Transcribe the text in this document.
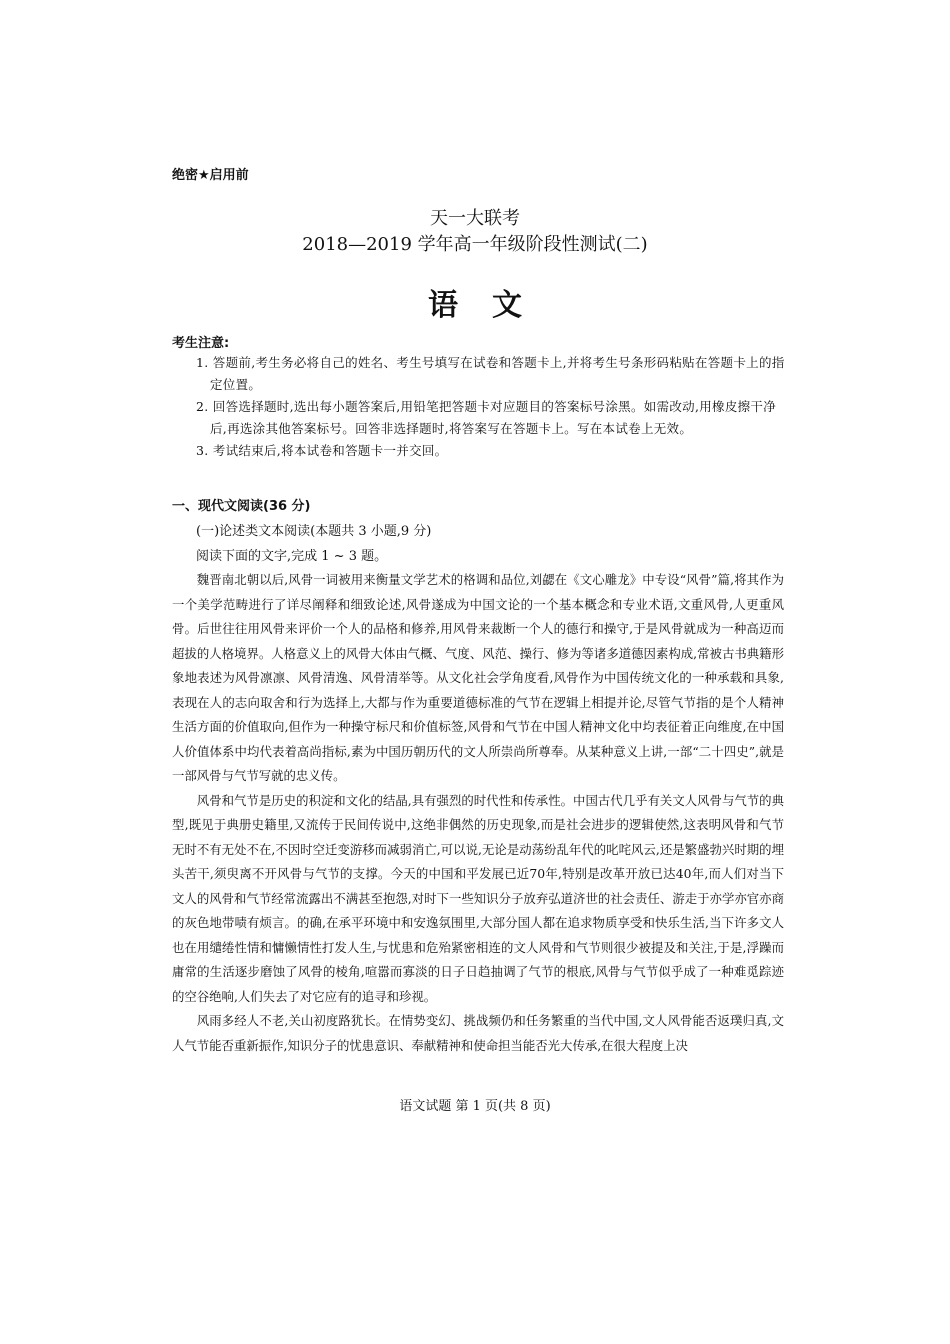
绝密★启用前
天一大联考
2018—2019 学年高一年级阶段性测试(二)
语文
考生注意:
1. 答题前,考生务必将自己的姓名、考生号填写在试卷和答题卡上,并将考生号条形码粘贴在答题卡上的指定位置。
2. 回答选择题时,选出每小题答案后,用铅笔把答题卡对应题目的答案标号涂黑。如需改动,用橡皮擦干净后,再选涂其他答案标号。回答非选择题时,将答案写在答题卡上。写在本试卷上无效。
3. 考试结束后,将本试卷和答题卡一并交回。
一、现代文阅读(36 分)
(一)论述类文本阅读(本题共 3 小题,9 分)
阅读下面的文字,完成 1 ~ 3 题。

魏晋南北朝以后,风骨一词被用来衡量文学艺术的格调和品位,刘勰在《文心雕龙》中专设“风骨”篇,将其作为一个美学范畴进行了详尽阐释和细致论述,风骨遂成为中国文论的一个基本概念和专业术语,文重风骨,人更重风骨。后世往往用风骨来评价一个人的品格和修养,用风骨来裁断一个人的德行和操守,于是风骨就成为一种高迈而超拔的人格境界。人格意义上的风骨大体由气概、气度、风范、操行、修为等诸多道德因素构成,常被古书典籍形象地表述为风骨凛凛、风骨清逸、风骨清举等。从文化社会学角度看,风骨作为中国传统文化的一种承载和具象,表现在人的志向取舍和行为选择上,大都与作为重要道德标准的气节在逻辑上相提并论,尽管气节指的是个人精神生活方面的价值取向,但作为一种操守标尺和价值标签,风骨和气节在中国人精神文化中均表征着正向维度,在中国人价值体系中均代表着高尚指标,素为中国历朝历代的文人所崇尚所尊奉。从某种意义上讲,一部“二十四史”,就是一部风骨与气节写就的忠义传。

风骨和气节是历史的积淀和文化的结晶,具有强烈的时代性和传承性。中国古代几乎有关文人风骨与气节的典型,既见于典册史籍里,又流传于民间传说中,这绝非偶然的历史现象,而是社会进步的逻辑使然,这表明风骨和气节无时不有无处不在,不因时空迁变游移而减弱消亡,可以说,无论是动荡纷乱年代的叱咤风云,还是繁盛勃兴时期的埋头苦干,须臾离不开风骨与气节的支撑。今天的中国和平发展已近70年,特别是改革开放已达40年,而人们对当下文人的风骨和气节经常流露出不满甚至抱怨,对时下一些知识分子放弃弘道济世的社会责任、游走于亦学亦官亦商的灰色地带啧有烦言。的确,在承平环境中和安逸氛围里,大部分国人都在追求物质享受和快乐生活,当下许多文人也在用缱绻性情和慵懒情性打发人生,与忧患和危殆紧密相连的文人风骨和气节则很少被提及和关注,于是,浮躁而庸常的生活逐步磨蚀了风骨的棱角,喧嚣而寡淡的日子日趋抽调了气节的根底,风骨与气节似乎成了一种难觅踪迹的空谷绝响,人们失去了对它应有的追寻和珍视。

风雨多经人不老,关山初度路犹长。在情势变幻、挑战频仍和任务繁重的当代中国,文人风骨能否返璞归真,文人气节能否重新振作,知识分子的忧患意识、奉献精神和使命担当能否光大传承,在很大程度上决

语文试题 第 1 页(共 8 页)
